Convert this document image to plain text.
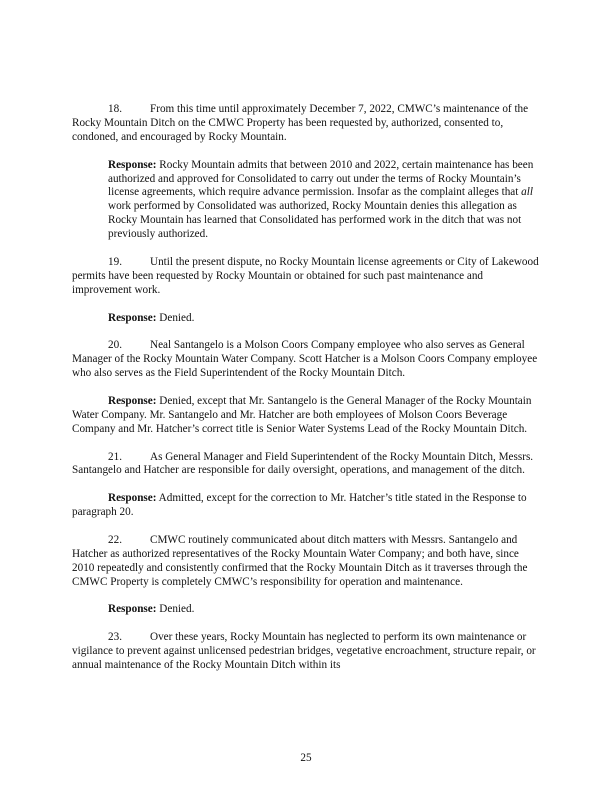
18.	From this time until approximately December 7, 2022, CMWC’s maintenance of the Rocky Mountain Ditch on the CMWC Property has been requested by, authorized, consented to, condoned, and encouraged by Rocky Mountain.

Response: Rocky Mountain admits that between 2010 and 2022, certain maintenance has been authorized and approved for Consolidated to carry out under the terms of Rocky Mountain’s license agreements, which require advance permission. Insofar as the complaint alleges that all work performed by Consolidated was authorized, Rocky Mountain denies this allegation as Rocky Mountain has learned that Consolidated has performed work in the ditch that was not previously authorized.

19.	Until the present dispute, no Rocky Mountain license agreements or City of Lakewood permits have been requested by Rocky Mountain or obtained for such past maintenance and improvement work.

Response: Denied.

20.	Neal Santangelo is a Molson Coors Company employee who also serves as General Manager of the Rocky Mountain Water Company. Scott Hatcher is a Molson Coors Company employee who also serves as the Field Superintendent of the Rocky Mountain Ditch.

Response: Denied, except that Mr. Santangelo is the General Manager of the Rocky Mountain Water Company. Mr. Santangelo and Mr. Hatcher are both employees of Molson Coors Beverage Company and Mr. Hatcher’s correct title is Senior Water Systems Lead of the Rocky Mountain Ditch.

21.	As General Manager and Field Superintendent of the Rocky Mountain Ditch, Messrs. Santangelo and Hatcher are responsible for daily oversight, operations, and management of the ditch.

Response: Admitted, except for the correction to Mr. Hatcher’s title stated in the Response to paragraph 20.

22.	CMWC routinely communicated about ditch matters with Messrs. Santangelo and Hatcher as authorized representatives of the Rocky Mountain Water Company; and both have, since 2010 repeatedly and consistently confirmed that the Rocky Mountain Ditch as it traverses through the CMWC Property is completely CMWC’s responsibility for operation and maintenance.

Response: Denied.

23.	Over these years, Rocky Mountain has neglected to perform its own maintenance or vigilance to prevent against unlicensed pedestrian bridges, vegetative encroachment, structure repair, or annual maintenance of the Rocky Mountain Ditch within its

25
